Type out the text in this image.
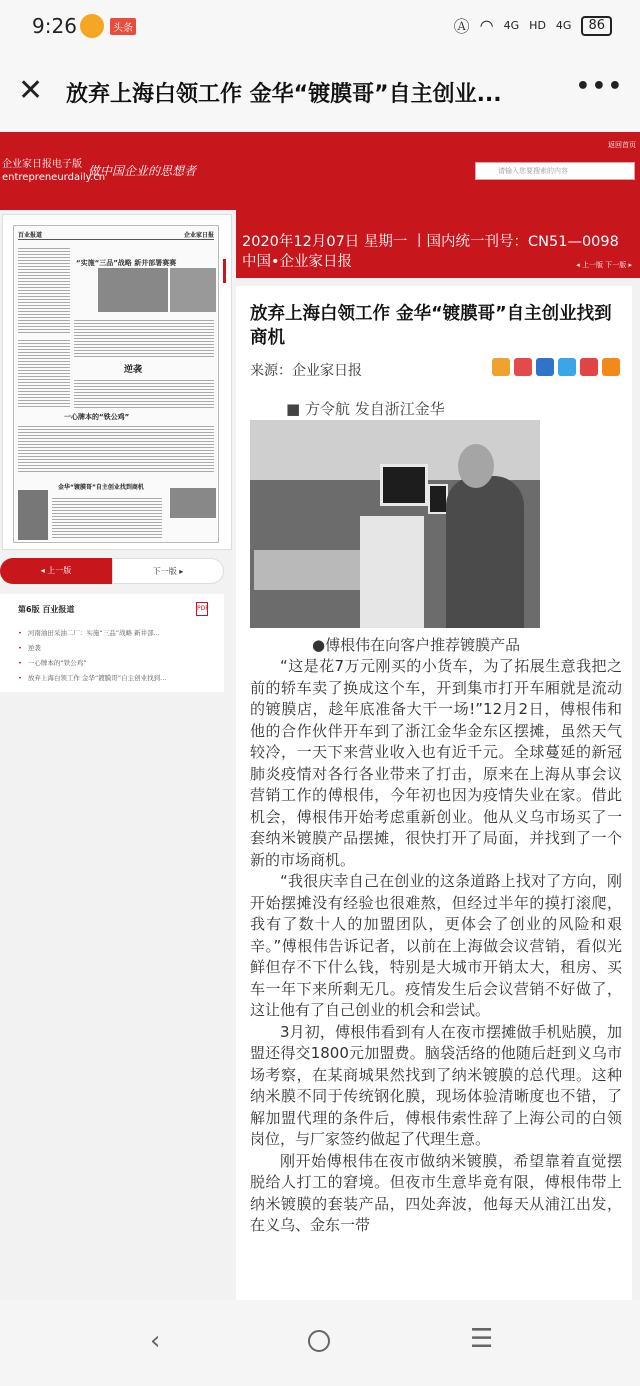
9:26	头条	Ⓐ ◠ 4G HD 4G	86
✕ 放弃上海白领工作 金华“镀膜哥”自主创业...	•••
企业家日报电子版
entrepreneurdaily.cn
做中国企业的思想者
返回首页
请输入您要搜索的内容
百业报道	企业家日报
“实施“三品”战略 新井部署赛赛
逆袭
一心牌本的“铁公鸡”
金华“镀膜哥”自主创业找到商机
◂ 上一版	下一版 ▸
第6版 百业报道	PDF
• 河南油田采油二厂：实施“三品”战略 新井部...
• 逆袭
• 一心牌本的“铁公鸡”
• 放弃上海白领工作 金华“镀膜哥”自主创业找到...
2020年12月07日 星期一 丨国内统一刊号：CN51—0098
中国•企业家日报	◂ 上一版 下一版 ▸
放弃上海白领工作 金华“镀膜哥”自主创业找到商机
来源：企业家日报
■ 方令航 发自浙江金华
●傅根伟在向客户推荐镀膜产品

“这是花7万元刚买的小货车，为了拓展生意我把之前的轿车卖了换成这个车，开到集市打开车厢就是流动的镀膜店，趁年底准备大干一场!”12月2日，傅根伟和他的合作伙伴开车到了浙江金华金东区摆摊，虽然天气较冷，一天下来营业收入也有近千元。全球蔓延的新冠肺炎疫情对各行各业带来了打击，原来在上海从事会议营销工作的傅根伟，今年初也因为疫情失业在家。借此机会，傅根伟开始考虑重新创业。他从义乌市场买了一套纳米镀膜产品摆摊，很快打开了局面，并找到了一个新的市场商机。

“我很庆幸自己在创业的这条道路上找对了方向，刚开始摆摊没有经验也很难熬，但经过半年的摸打滚爬，我有了数十人的加盟团队，更体会了创业的风险和艰辛。”傅根伟告诉记者，以前在上海做会议营销，看似光鲜但存不下什么钱，特别是大城市开销太大，租房、买车一年下来所剩无几。疫情发生后会议营销不好做了，这让他有了自己创业的机会和尝试。

3月初，傅根伟看到有人在夜市摆摊做手机贴膜，加盟还得交1800元加盟费。脑袋活络的他随后赶到义乌市场考察，在某商城果然找到了纳米镀膜的总代理。这种纳米膜不同于传统钢化膜，现场体验清晰度也不错，了解加盟代理的条件后，傅根伟索性辞了上海公司的白领岗位，与厂家签约做起了代理生意。

刚开始傅根伟在夜市做纳米镀膜，希望靠着直觉摆脱给人打工的窘境。但夜市生意毕竟有限，傅根伟带上纳米镀膜的套装产品，四处奔波，他每天从浦江出发，在义乌、金东一带

‹	☰
